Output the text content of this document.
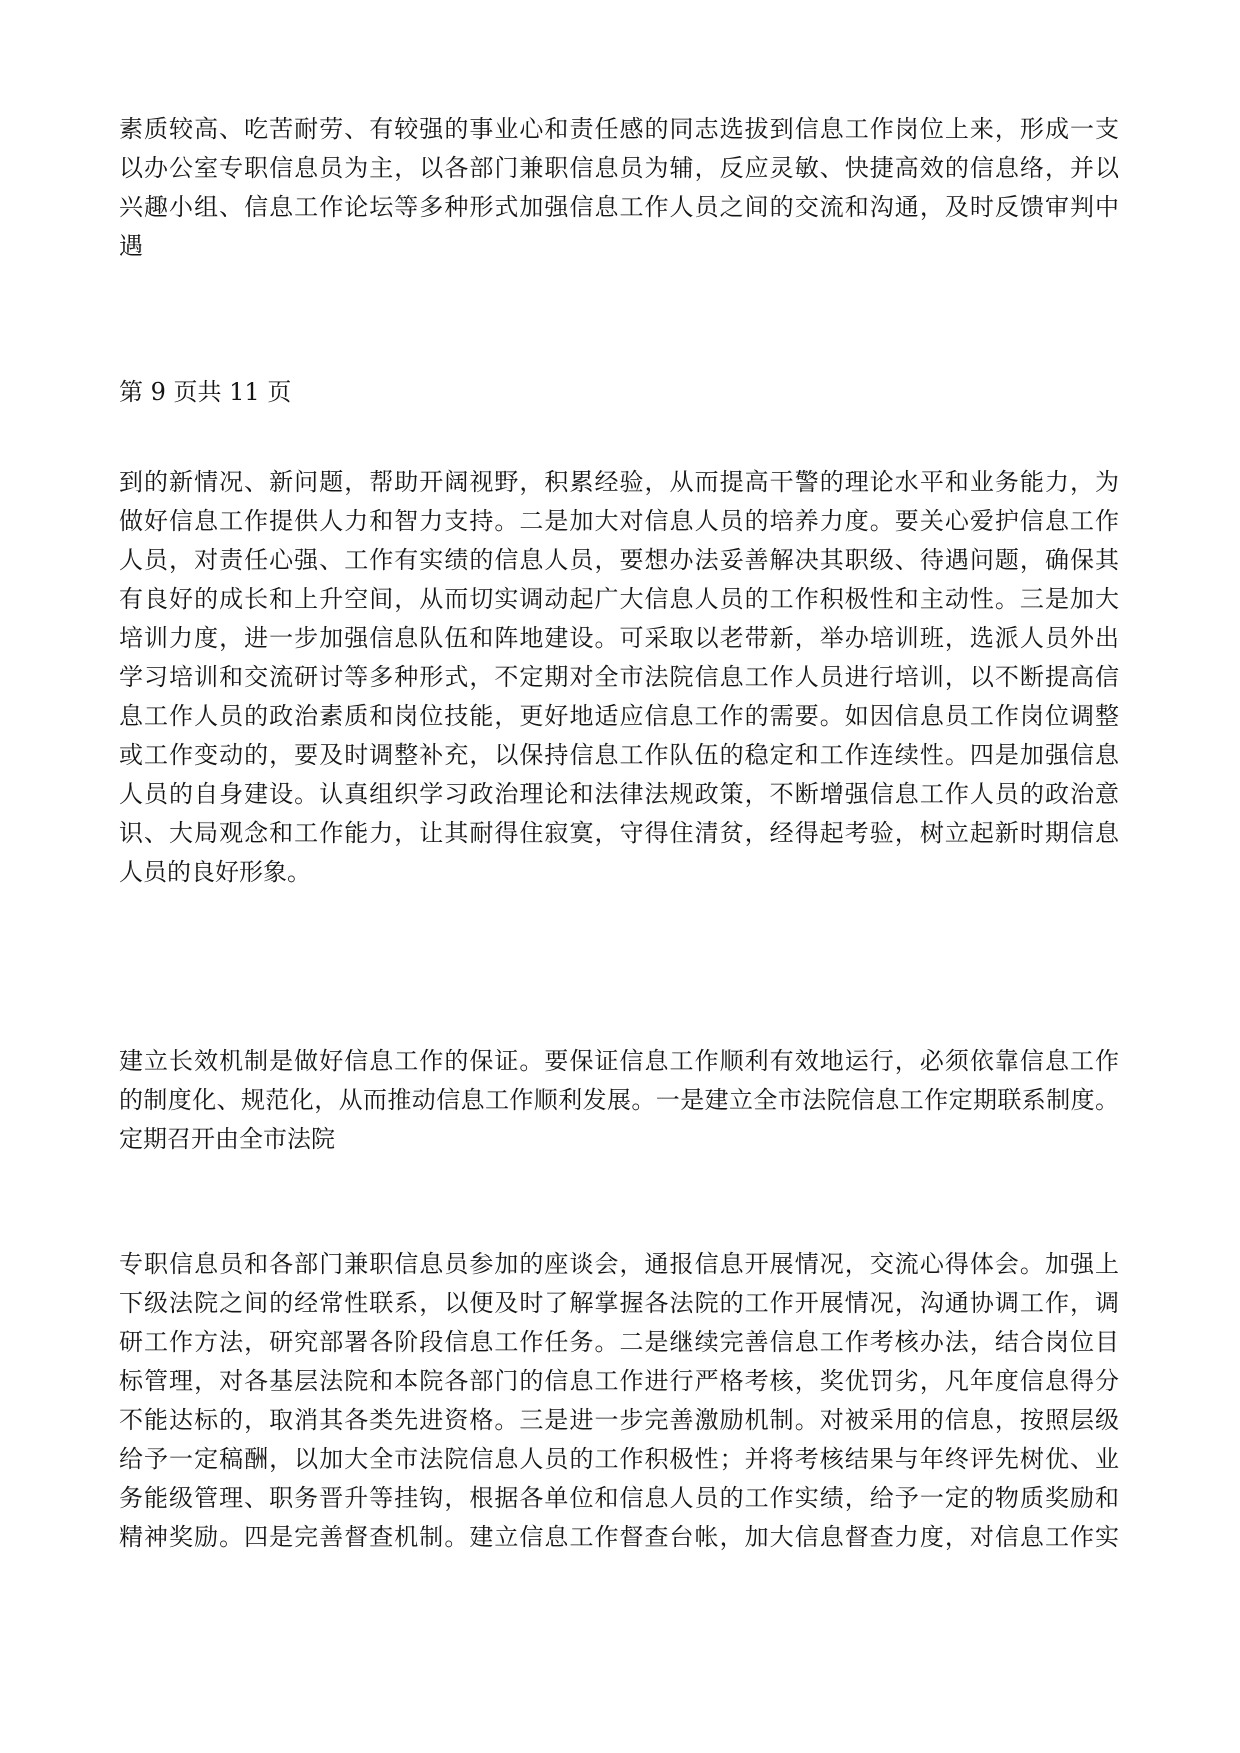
素质较高、吃苦耐劳、有较强的事业心和责任感的同志选拔到信息工作岗位上来，形成一支
以办公室专职信息员为主，以各部门兼职信息员为辅，反应灵敏、快捷高效的信息络，并以
兴趣小组、信息工作论坛等多种形式加强信息工作人员之间的交流和沟通，及时反馈审判中
遇
第 9 页共 11 页
到的新情况、新问题，帮助开阔视野，积累经验，从而提高干警的理论水平和业务能力，为
做好信息工作提供人力和智力支持。二是加大对信息人员的培养力度。要关心爱护信息工作
人员，对责任心强、工作有实绩的信息人员，要想办法妥善解决其职级、待遇问题，确保其
有良好的成长和上升空间，从而切实调动起广大信息人员的工作积极性和主动性。三是加大
培训力度，进一步加强信息队伍和阵地建设。可采取以老带新，举办培训班，选派人员外出
学习培训和交流研讨等多种形式，不定期对全市法院信息工作人员进行培训，以不断提高信
息工作人员的政治素质和岗位技能，更好地适应信息工作的需要。如因信息员工作岗位调整
或工作变动的，要及时调整补充，以保持信息工作队伍的稳定和工作连续性。四是加强信息
人员的自身建设。认真组织学习政治理论和法律法规政策，不断增强信息工作人员的政治意
识、大局观念和工作能力，让其耐得住寂寞，守得住清贫，经得起考验，树立起新时期信息
人员的良好形象。
建立长效机制是做好信息工作的保证。要保证信息工作顺利有效地运行，必须依靠信息工作
的制度化、规范化，从而推动信息工作顺利发展。一是建立全市法院信息工作定期联系制度。
定期召开由全市法院
专职信息员和各部门兼职信息员参加的座谈会，通报信息开展情况，交流心得体会。加强上
下级法院之间的经常性联系，以便及时了解掌握各法院的工作开展情况，沟通协调工作，调
研工作方法，研究部署各阶段信息工作任务。二是继续完善信息工作考核办法，结合岗位目
标管理，对各基层法院和本院各部门的信息工作进行严格考核，奖优罚劣，凡年度信息得分
不能达标的，取消其各类先进资格。三是进一步完善激励机制。对被采用的信息，按照层级
给予一定稿酬，以加大全市法院信息人员的工作积极性；并将考核结果与年终评先树优、业
务能级管理、职务晋升等挂钩，根据各单位和信息人员的工作实绩，给予一定的物质奖励和
精神奖励。四是完善督查机制。建立信息工作督查台帐，加大信息督查力度，对信息工作实
